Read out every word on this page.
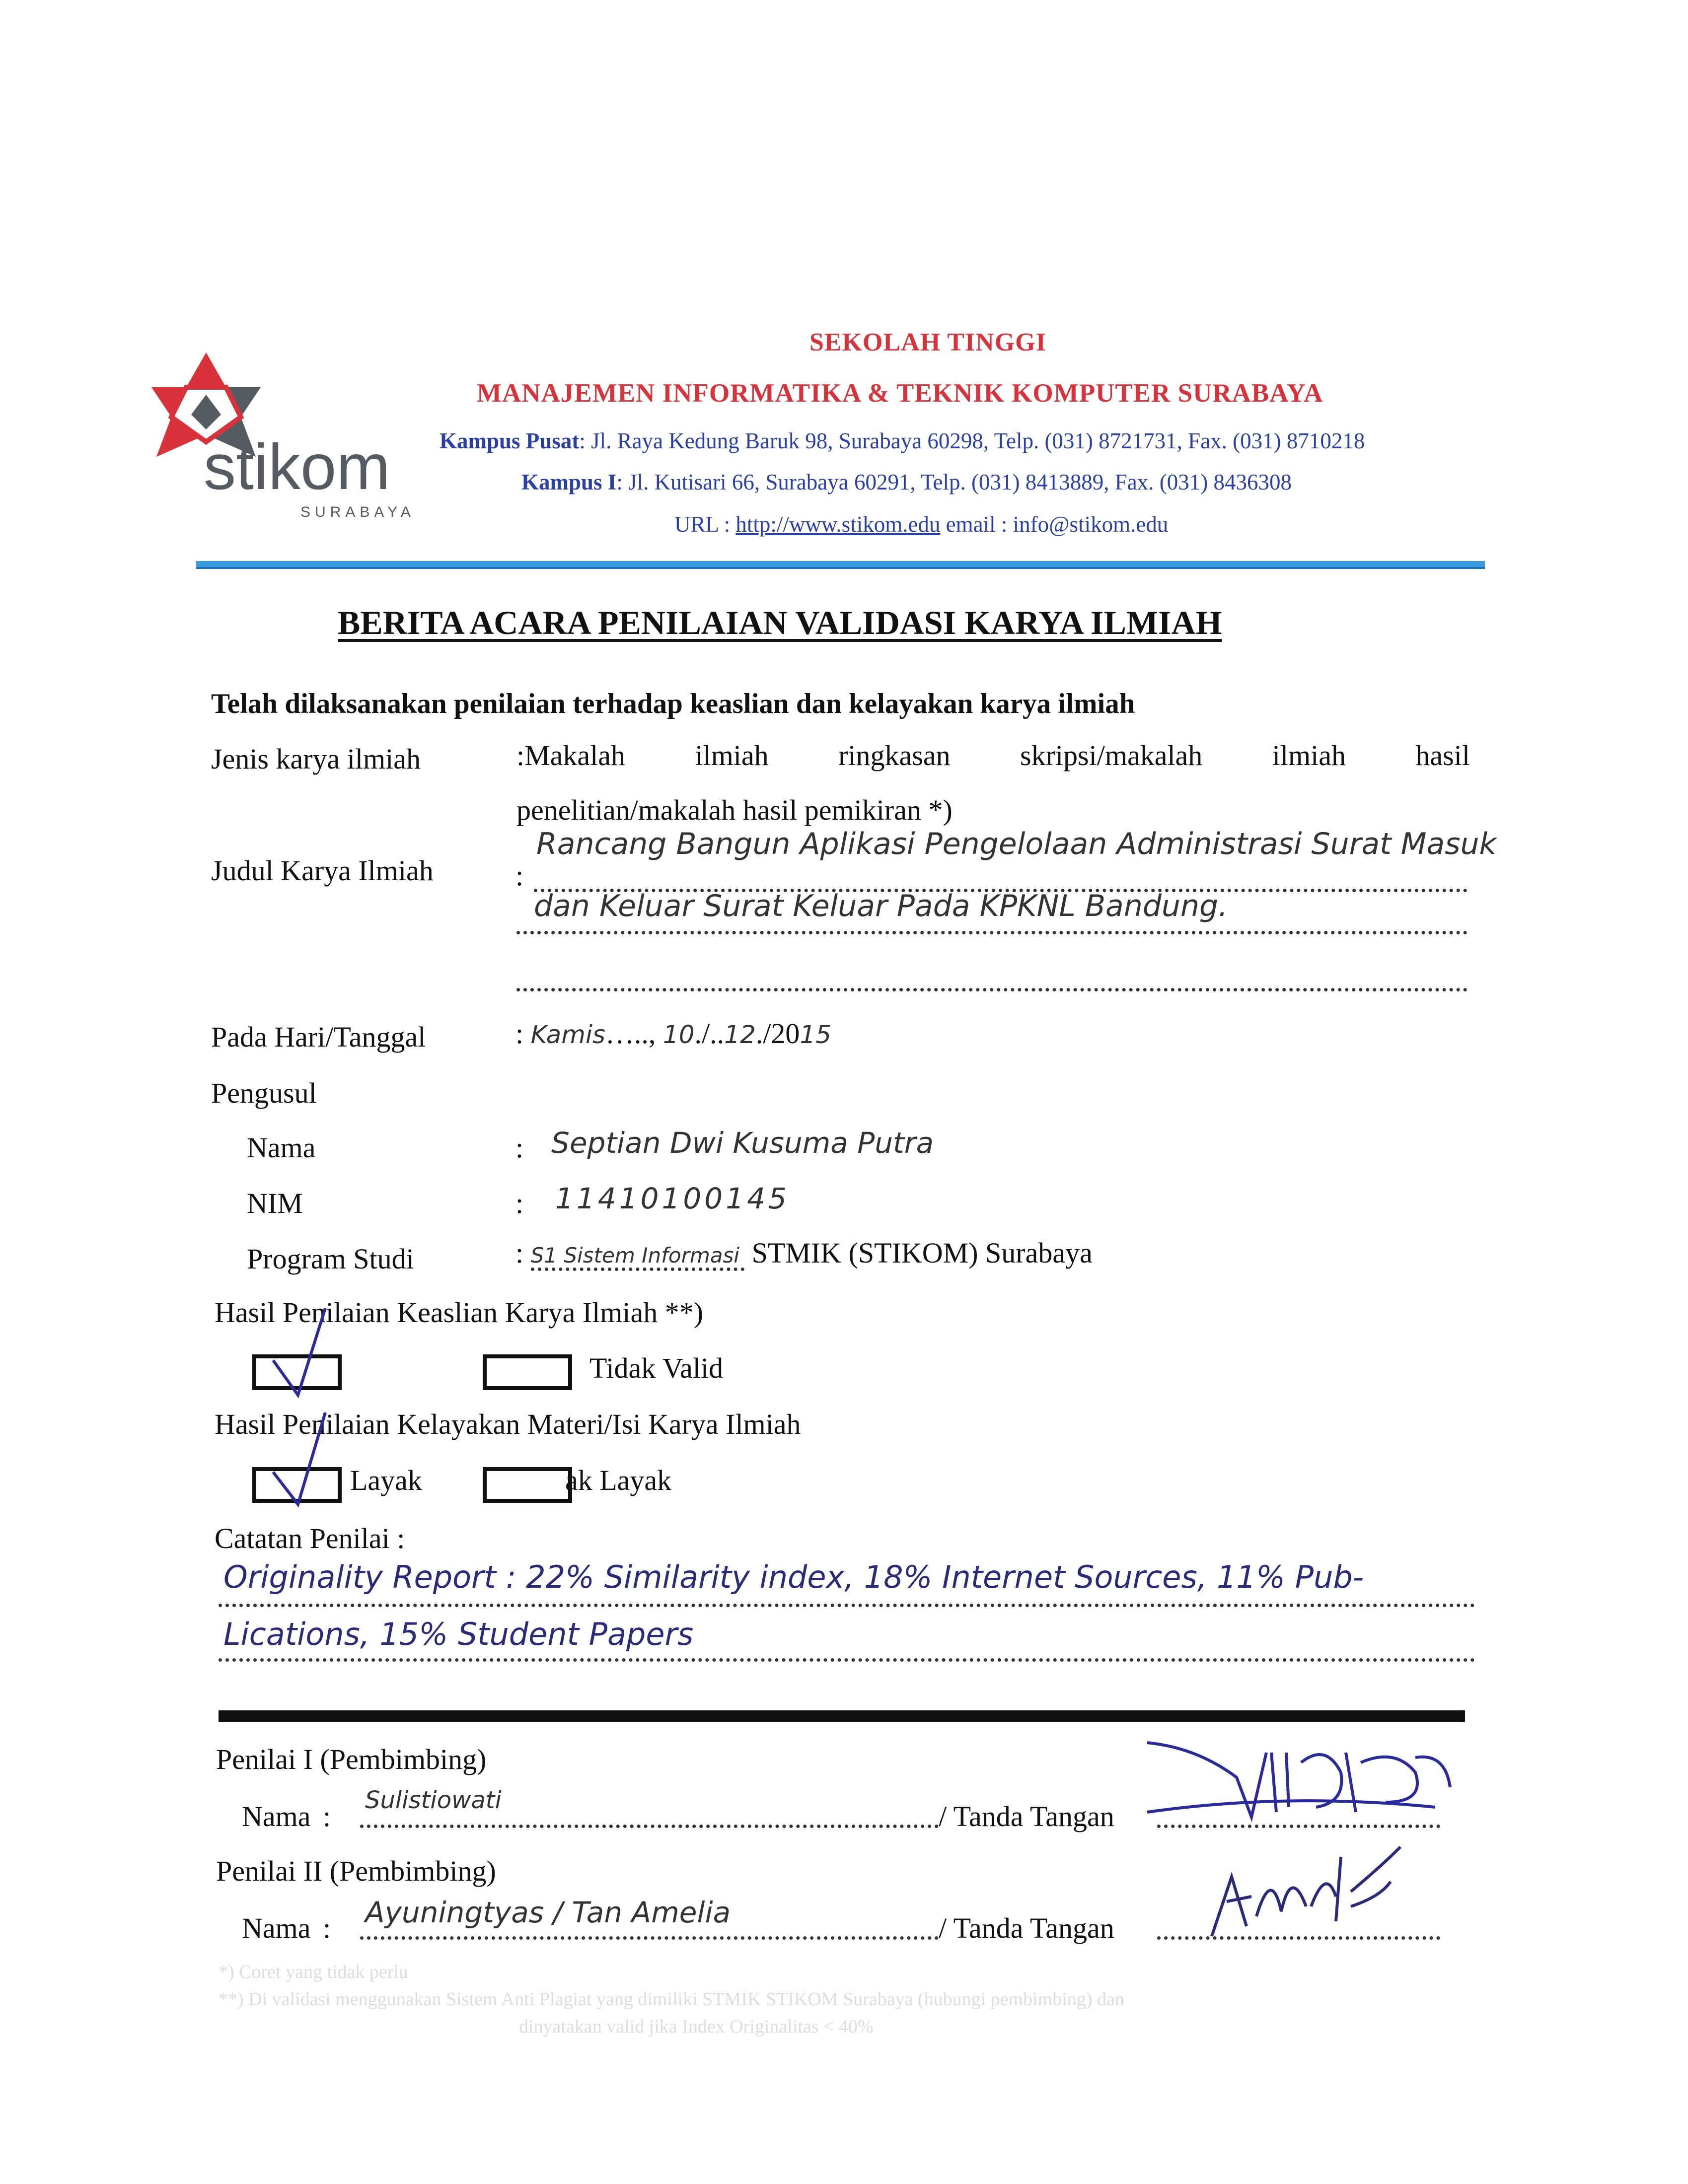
stikom
SURABAYA
SEKOLAH TINGGI
MANAJEMEN INFORMATIKA & TEKNIK KOMPUTER SURABAYA
Kampus Pusat: Jl. Raya Kedung Baruk 98, Surabaya 60298, Telp. (031) 8721731, Fax. (031) 8710218
Kampus I: Jl. Kutisari 66, Surabaya 60291, Telp. (031) 8413889, Fax. (031) 8436308
URL : http://www.stikom.edu email : info@stikom.edu
BERITA ACARA PENILAIAN VALIDASI KARYA ILMIAH
Telah dilaksanakan penilaian terhadap keaslian dan kelayakan karya ilmiah
Jenis karya ilmiah	:Makalah ilmiah ringkasan skripsi/makalah ilmiah hasil
penelitian/makalah hasil pemikiran *)
Judul Karya Ilmiah	:
Rancang Bangun Aplikasi Pengelolaan Administrasi Surat Masuk
dan Keluar Surat Keluar Pada KPKNL Bandung.
Pada Hari/Tanggal	: Kamis….., 10./..12./2015
Pengusul
Nama	: Septian Dwi Kusuma Putra
NIM	: 11410100145
Program Studi	: S1 Sistem Informasi STMIK (STIKOM) Surabaya
Hasil Penilaian Keaslian Karya Ilmiah **)
Tidak Valid
Hasil Penilaian Kelayakan Materi/Isi Karya Ilmiah
Layak	ak Layak
Catatan Penilai :
Originality Report : 22% Similarity index, 18% Internet Sources, 11% Pub-
Lications, 15% Student Papers
Penilai I (Pembimbing)
Nama : Sulistiowati	/ Tanda Tangan
Penilai II (Pembimbing)
Nama : Ayuningtyas / Tan Amelia	/ Tanda Tangan
*) Coret yang tidak perlu
**) Di validasi menggunakan Sistem Anti Plagiat yang dimiliki STMIK STIKOM Surabaya (hubungi pembimbing) dan
dinyatakan valid jika Index Originalitas < 40%
